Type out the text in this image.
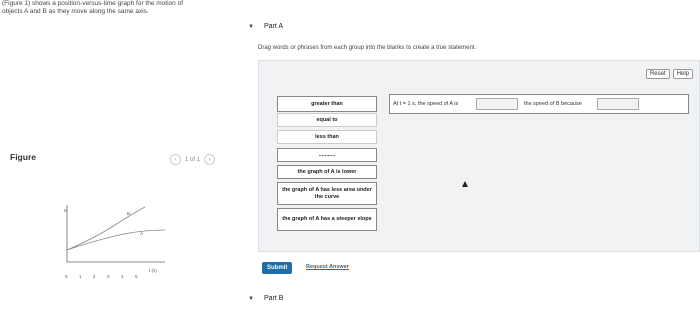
(Figure 1) shows a position-versus-time graph for the motion of
objects A and B as they move along the same axis.
Figure	‹	1 of 1	›
x	B
A
t (s)
0	1	2	3	4	5
▼ Part A
Drag words or phrases from each group into the blanks to create a true statement.
Reset	Help
greater than
equal to
less than
...........
the graph of A is lower
the graph of A has less area under the curve
the graph of A has a steeper slope
At t = 1 s, the speed of A is	the speed of B because
Submit	Request Answer
▼ Part B
